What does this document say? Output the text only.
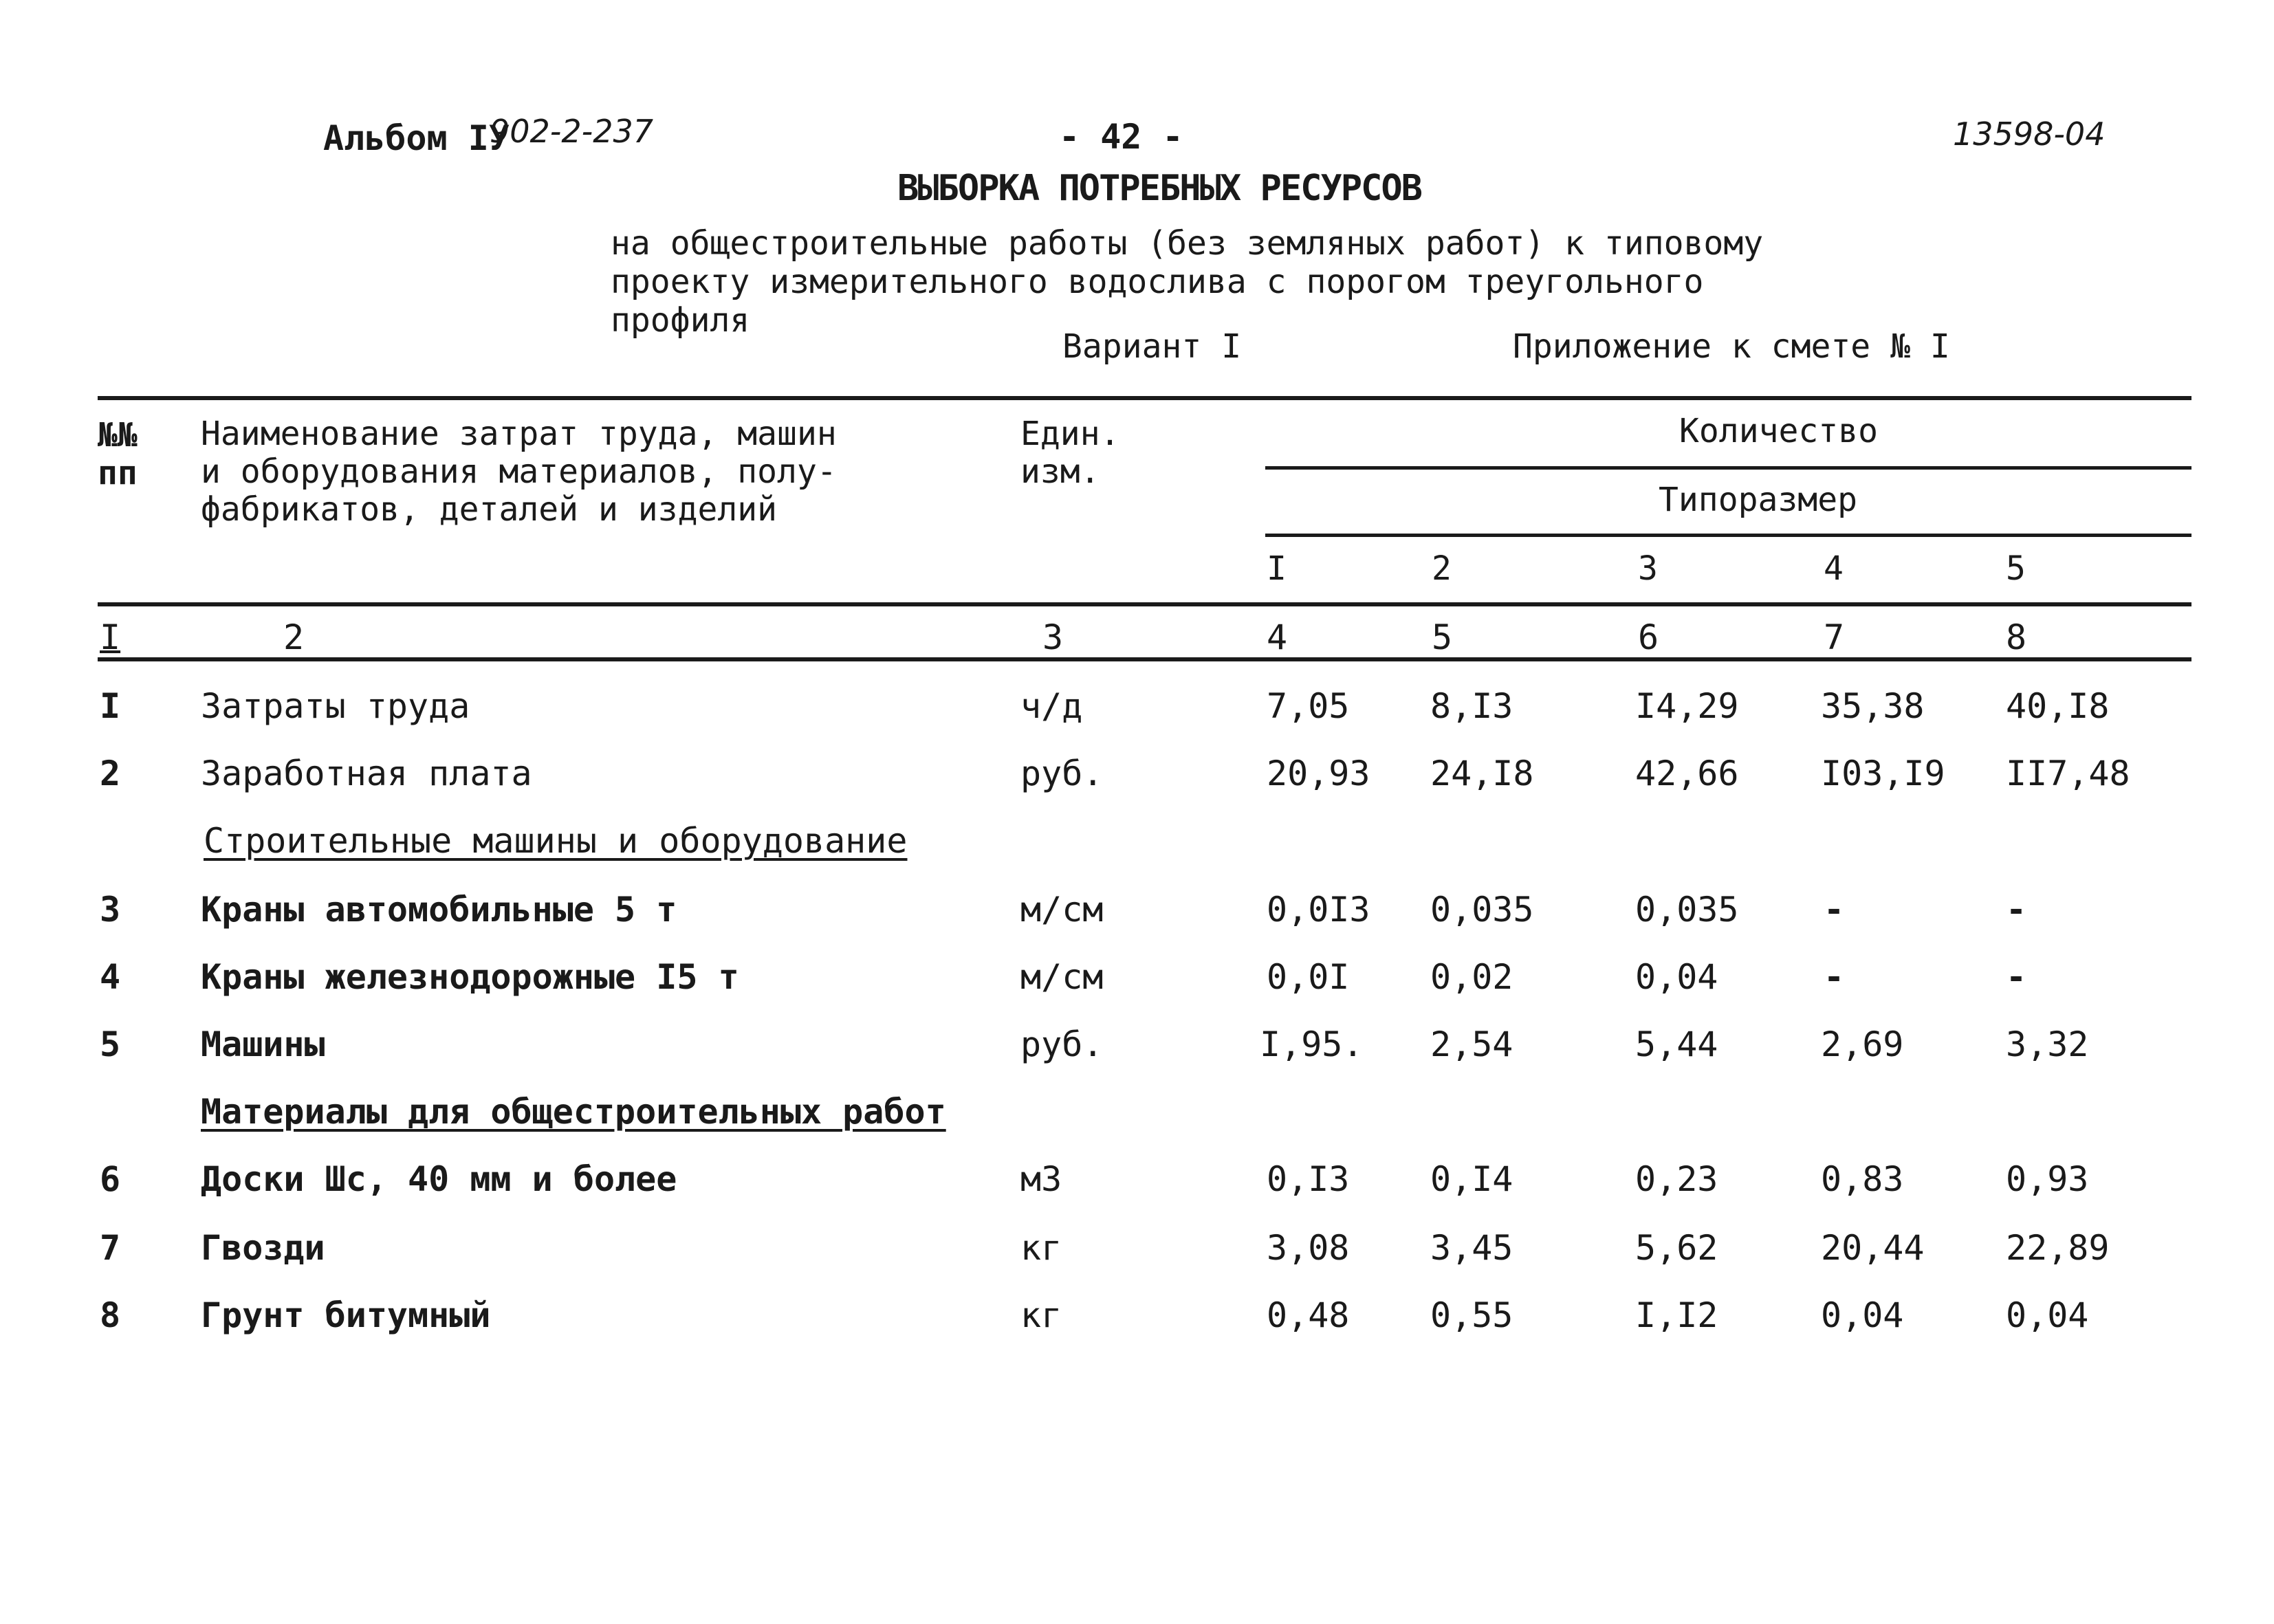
Альбом IУ
902-2-237	- 42 -	13598-04
ВЫБОРКА ПОТРЕБНЫХ РЕСУРСОВ
на общестроительные работы (без земляных работ) к типовому
проекту измерительного водослива с порогом треугольного
профиля
Вариант I	Приложение к смете № I
№№
пп
Наименование затрат труда, машин
и оборудования материалов, полу-
фабрикатов, деталей и изделий
Един.
изм.
Количество
Типоразмер
I	2	3	4	5
I	2	3	4	5	6	7	8
I Затраты труда	ч/д	7,05 8,I3	I4,29 35,38 40,I8
2 Заработная плата	руб.	20,93 24,I8	42,66 I03,I9 II7,48
Строительные машины и оборудование
3 Краны автомобильные 5 т	м/см	0,0I3 0,035	0,035 -	-
4 Краны железнодорожные I5 т	м/см	0,0I 0,02	0,04	-	-
5 Машины	руб.	I,95. 2,54	5,44	2,69	3,32
Материалы для общестроительных работ
6 Доски Шс, 40 мм и более	м3	0,I3 0,I4	0,23	0,83	0,93
7 Гвозди	кг	3,08 3,45	5,62	20,44 22,89
8 Грунт битумный	кг	0,48 0,55	I,I2	0,04	0,04
